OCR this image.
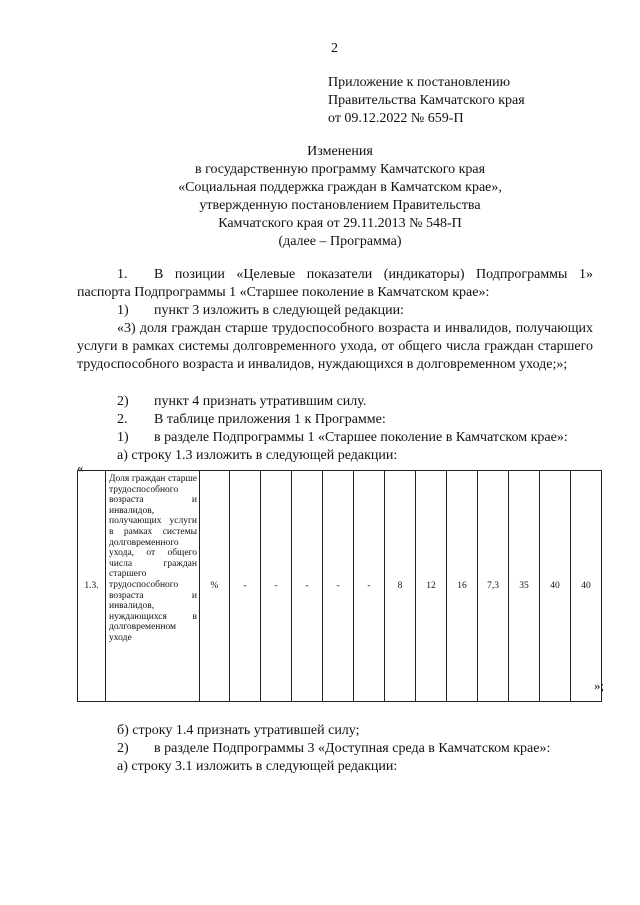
2
Приложение к постановлению
Правительства Камчатского края
от 09.12.2022 № 659-П
Изменения
в государственную программу Камчатского края
«Социальная поддержка граждан в Камчатском крае»,
утвержденную постановлением Правительства
Камчатского края от 29.11.2013 № 548-П
(далее – Программа)
1. В позиции «Целевые показатели (индикаторы) Подпрограммы 1»
паспорта Подпрограммы 1 «Старшее поколение в Камчатском крае»:
1) пункт 3 изложить в следующей редакции:
«3) доля граждан старше трудоспособного возраста и инвалидов, получающих услуги в рамках системы долговременного ухода, от общего числа граждан старшего трудоспособного возраста и инвалидов, нуждающихся в долговременном уходе;»;
2) пункт 4 признать утратившим силу.
2. В таблице приложения 1 к Программе:
1) в разделе Подпрограммы 1 «Старшее поколение в Камчатском крае»:
а) строку 1.3 изложить в следующей редакции:
«
1.3.	Доля граждан старше трудоспособного возраста и инвалидов, получающих услуги в рамках системы долговременного ухода, от общего числа граждан старшего трудоспособного возраста и инвалидов, нуждающихся в долговременном уходе	%	-	-	-	-	-	8	12	16	7,3	35	40	40
»;
б) строку 1.4 признать утратившей силу;
2) в разделе Подпрограммы 3 «Доступная среда в Камчатском крае»:
а) строку 3.1 изложить в следующей редакции:
